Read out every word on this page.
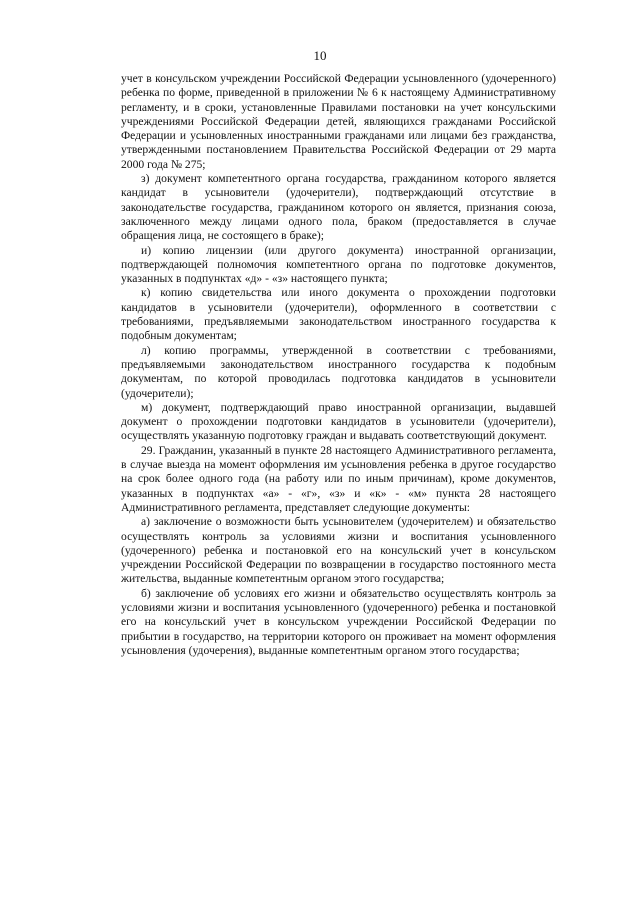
10

учет в консульском учреждении Российской Федерации усыновленного (удочеренного) ребенка по форме, приведенной в приложении № 6 к настоящему Административному регламенту, и в сроки, установленные Правилами постановки на учет консульскими учреждениями Российской Федерации детей, являющихся гражданами Российской Федерации и усыновленных иностранными гражданами или лицами без гражданства, утвержденными постановлением Правительства Российской Федерации от 29 марта 2000 года № 275;

з) документ компетентного органа государства, гражданином которого является кандидат в усыновители (удочерители), подтверждающий отсутствие в законодательстве государства, гражданином которого он является, признания союза, заключенного между лицами одного пола, браком (предоставляется в случае обращения лица, не состоящего в браке);

и) копию лицензии (или другого документа) иностранной организации, подтверждающей полномочия компетентного органа по подготовке документов, указанных в подпунктах «д» - «з» настоящего пункта;

к) копию свидетельства или иного документа о прохождении подготовки кандидатов в усыновители (удочерители), оформленного в соответствии с требованиями, предъявляемыми законодательством иностранного государства к подобным документам;

л) копию программы, утвержденной в соответствии с требованиями, предъявляемыми законодательством иностранного государства к подобным документам, по которой проводилась подготовка кандидатов в усыновители (удочерители);

м) документ, подтверждающий право иностранной организации, выдавшей документ о прохождении подготовки кандидатов в усыновители (удочерители), осуществлять указанную подготовку граждан и выдавать соответствующий документ.

29. Гражданин, указанный в пункте 28 настоящего Административного регламента, в случае выезда на момент оформления им усыновления ребенка в другое государство на срок более одного года (на работу или по иным причинам), кроме документов, указанных в подпунктах «а» - «г», «з» и «к» - «м» пункта 28 настоящего Административного регламента, представляет следующие документы:

а) заключение о возможности быть усыновителем (удочерителем) и обязательство осуществлять контроль за условиями жизни и воспитания усыновленного (удочеренного) ребенка и постановкой его на консульский учет в консульском учреждении Российской Федерации по возвращении в государство постоянного места жительства, выданные компетентным органом этого государства;

б) заключение об условиях его жизни и обязательство осуществлять контроль за условиями жизни и воспитания усыновленного (удочеренного) ребенка и постановкой его на консульский учет в консульском учреждении Российской Федерации по прибытии в государство, на территории которого он проживает на момент оформления усыновления (удочерения), выданные компетентным органом этого государства;
